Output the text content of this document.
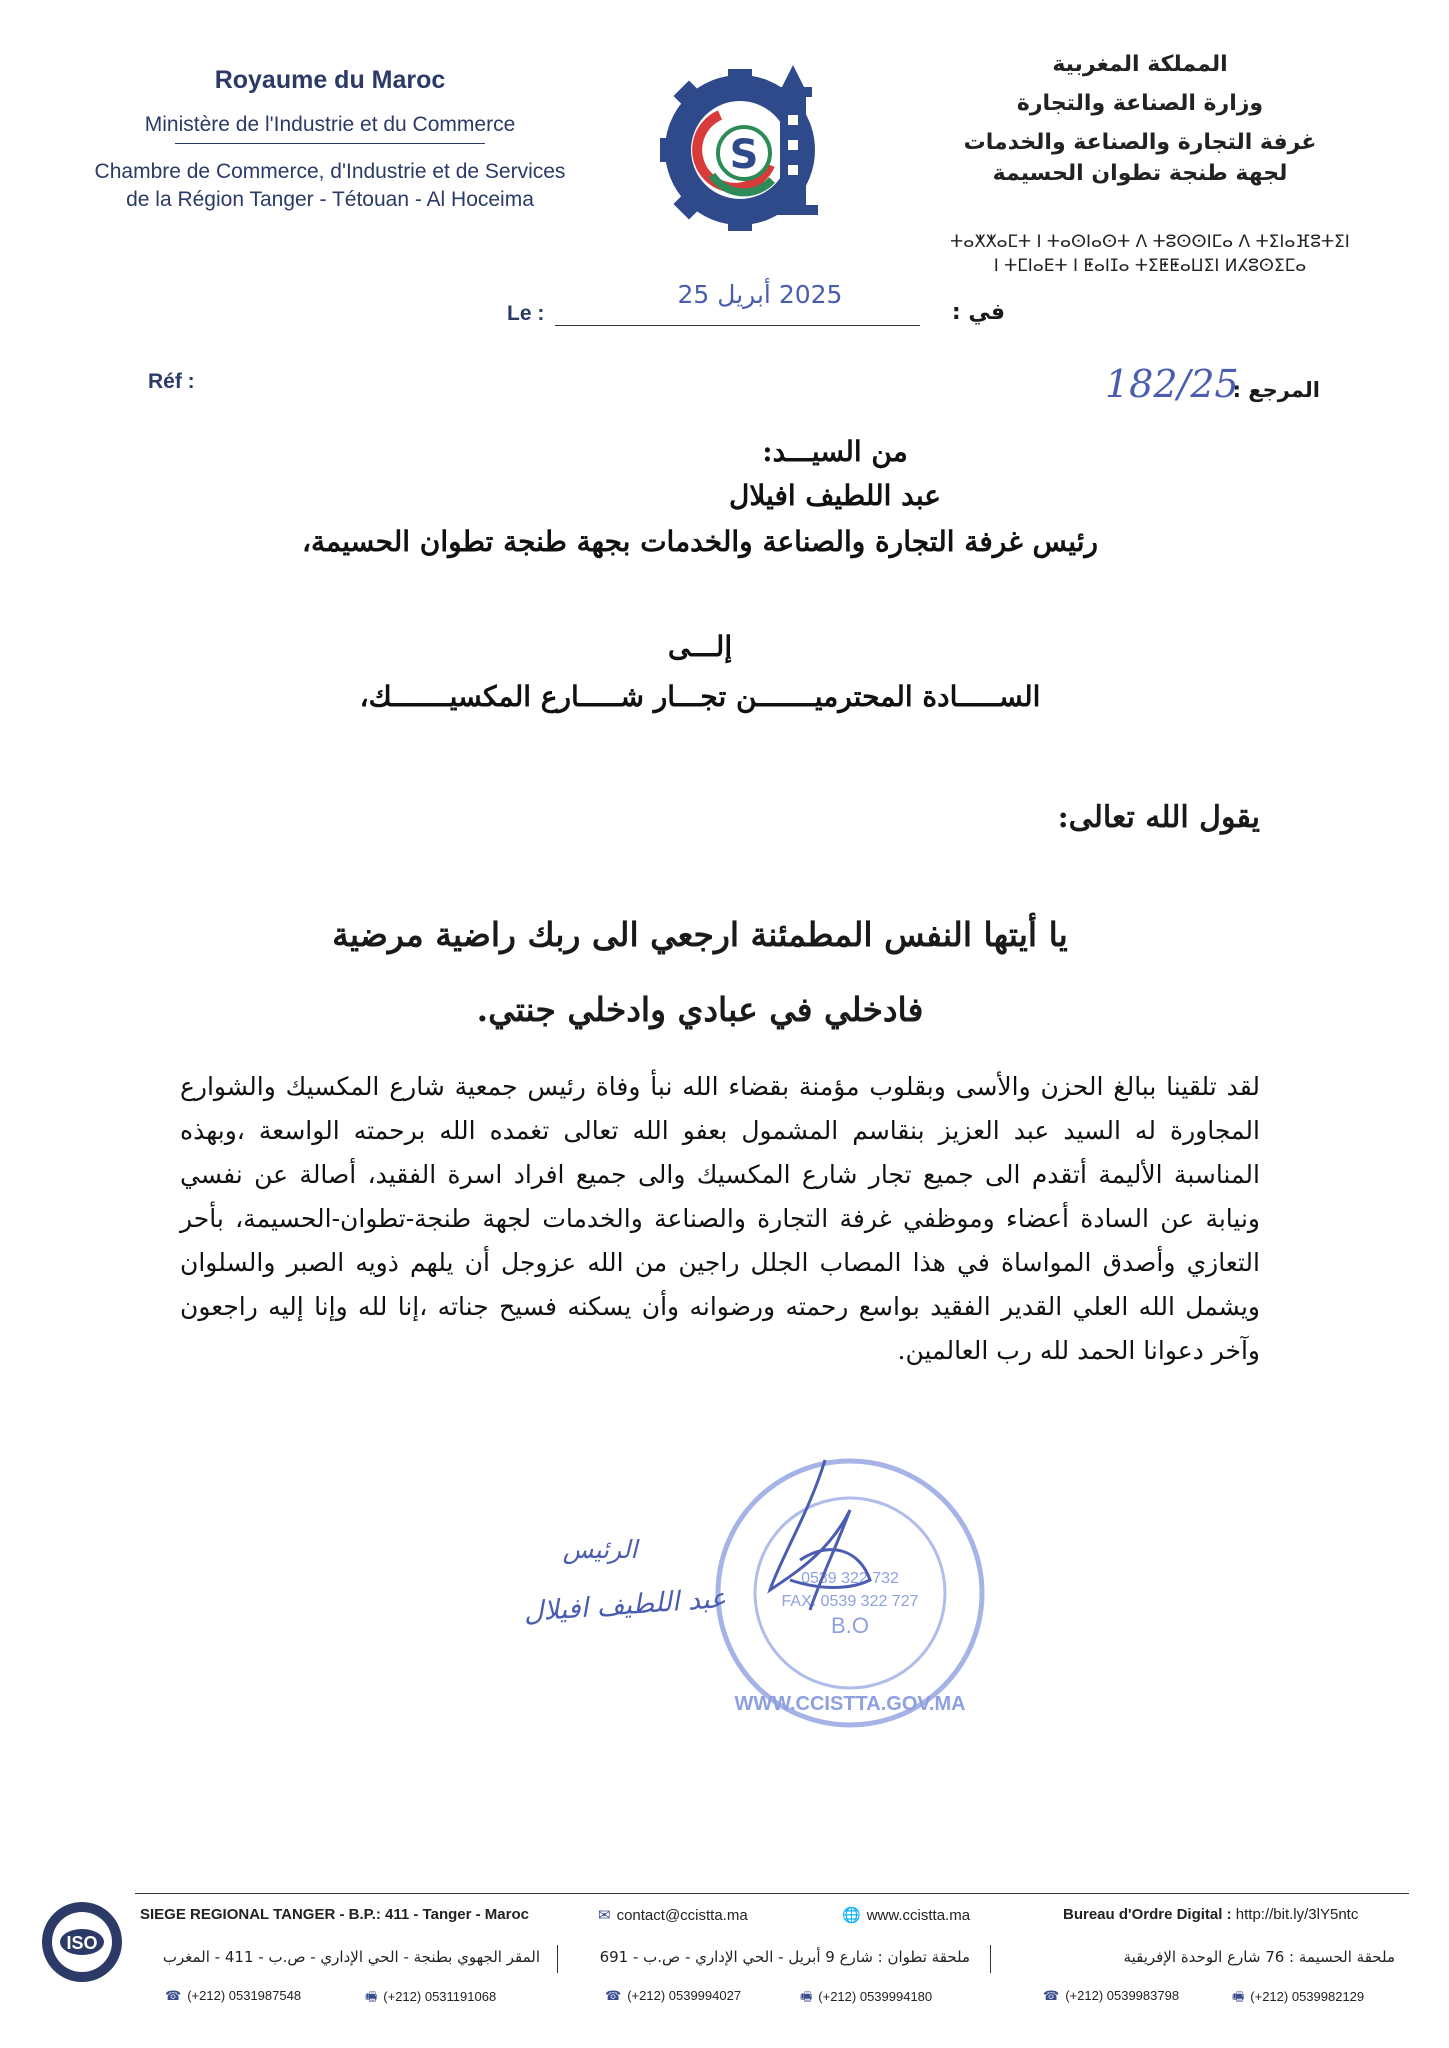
Royaume du Maroc
Ministère de l'Industrie et du Commerce
Chambre de Commerce, d'Industrie et de Services
de la Région Tanger - Tétouan - Al Hoceima
S
المملكة المغربية
وزارة الصناعة والتجارة
غرفة التجارة والصناعة والخدمات
لجهة طنجة تطوان الحسيمة
ⵜⴰⵅⵅⴰⵎⵜ ⵏ ⵜⴰⵙⵏⴰⵙⵜ ⴷ ⵜⵓⵙⵙⵏⵎⴰ ⴷ ⵜⵉⵏⴰⴼⵓⵜⵉⵏ
ⵏ ⵜⵎⵏⴰⴹⵜ ⵏ ⵟⴰⵏⵊⴰ ⵜⵉⵟⵟⴰⵡⵉⵏ ⵍⵃⵓⵙⵉⵎⴰ
Le :
2025 أبريل 25
في :
Réf :	182/25
المرجع :
من السيـــد:
عبد اللطيف افيلال
رئيس غرفة التجارة والصناعة والخدمات بجهة طنجة تطوان الحسيمة،
إلـــى
الســـــادة المحترميـــــــن تجـــار شـــــارع المكسيـــــــك،
يقول الله تعالى:
يا أيتها النفس المطمئنة ارجعي الى ربك راضية مرضية
فادخلي في عبادي وادخلي جنتي.
لقد تلقينا ببالغ الحزن والأسى وبقلوب مؤمنة بقضاء الله نبأ وفاة رئيس جمعية شارع المكسيك والشوارع المجاورة له السيد عبد العزيز بنقاسم المشمول بعفو الله تعالى تغمده الله برحمته الواسعة ،وبهذه المناسبة الأليمة أتقدم الى جميع تجار شارع المكسيك والى جميع افراد اسرة الفقيد، أصالة عن نفسي ونيابة عن السادة أعضاء وموظفي غرفة التجارة والصناعة والخدمات لجهة طنجة-تطوان-الحسيمة، بأحر التعازي وأصدق المواساة في هذا المصاب الجلل راجين من الله عزوجل أن يلهم ذويه الصبر والسلوان ويشمل الله العلي القدير الفقيد بواسع رحمته ورضوانه وأن يسكنه فسيح جناته ،إنا لله وإنا إليه راجعون وآخر دعوانا الحمد لله رب العالمين.
0539 322 732
FAX: 0539 322 727
B.O
WWW.CCISTTA.GOV.MA
الرئيس
عبد اللطيف افيلال
ISO
SIEGE REGIONAL TANGER - B.P.: 411 - Tanger - Maroc	✉ contact@ccistta.ma	🌐 www.ccistta.ma	Bureau d'Ordre Digital : http://bit.ly/3lY5ntc
المقر الجهوي بطنجة - الحي الإداري - ص.ب - 411 - المغرب	ملحقة تطوان : شارع 9 أبريل - الحي الإداري - ص.ب - 691	ملحقة الحسيمة : 76 شارع الوحدة الإفريقية
☎ (+212) 0531987548	🖷 (+212) 0531191068	☎ (+212) 0539994027	🖷 (+212) 0539994180	☎ (+212) 0539983798	🖷 (+212) 0539982129
